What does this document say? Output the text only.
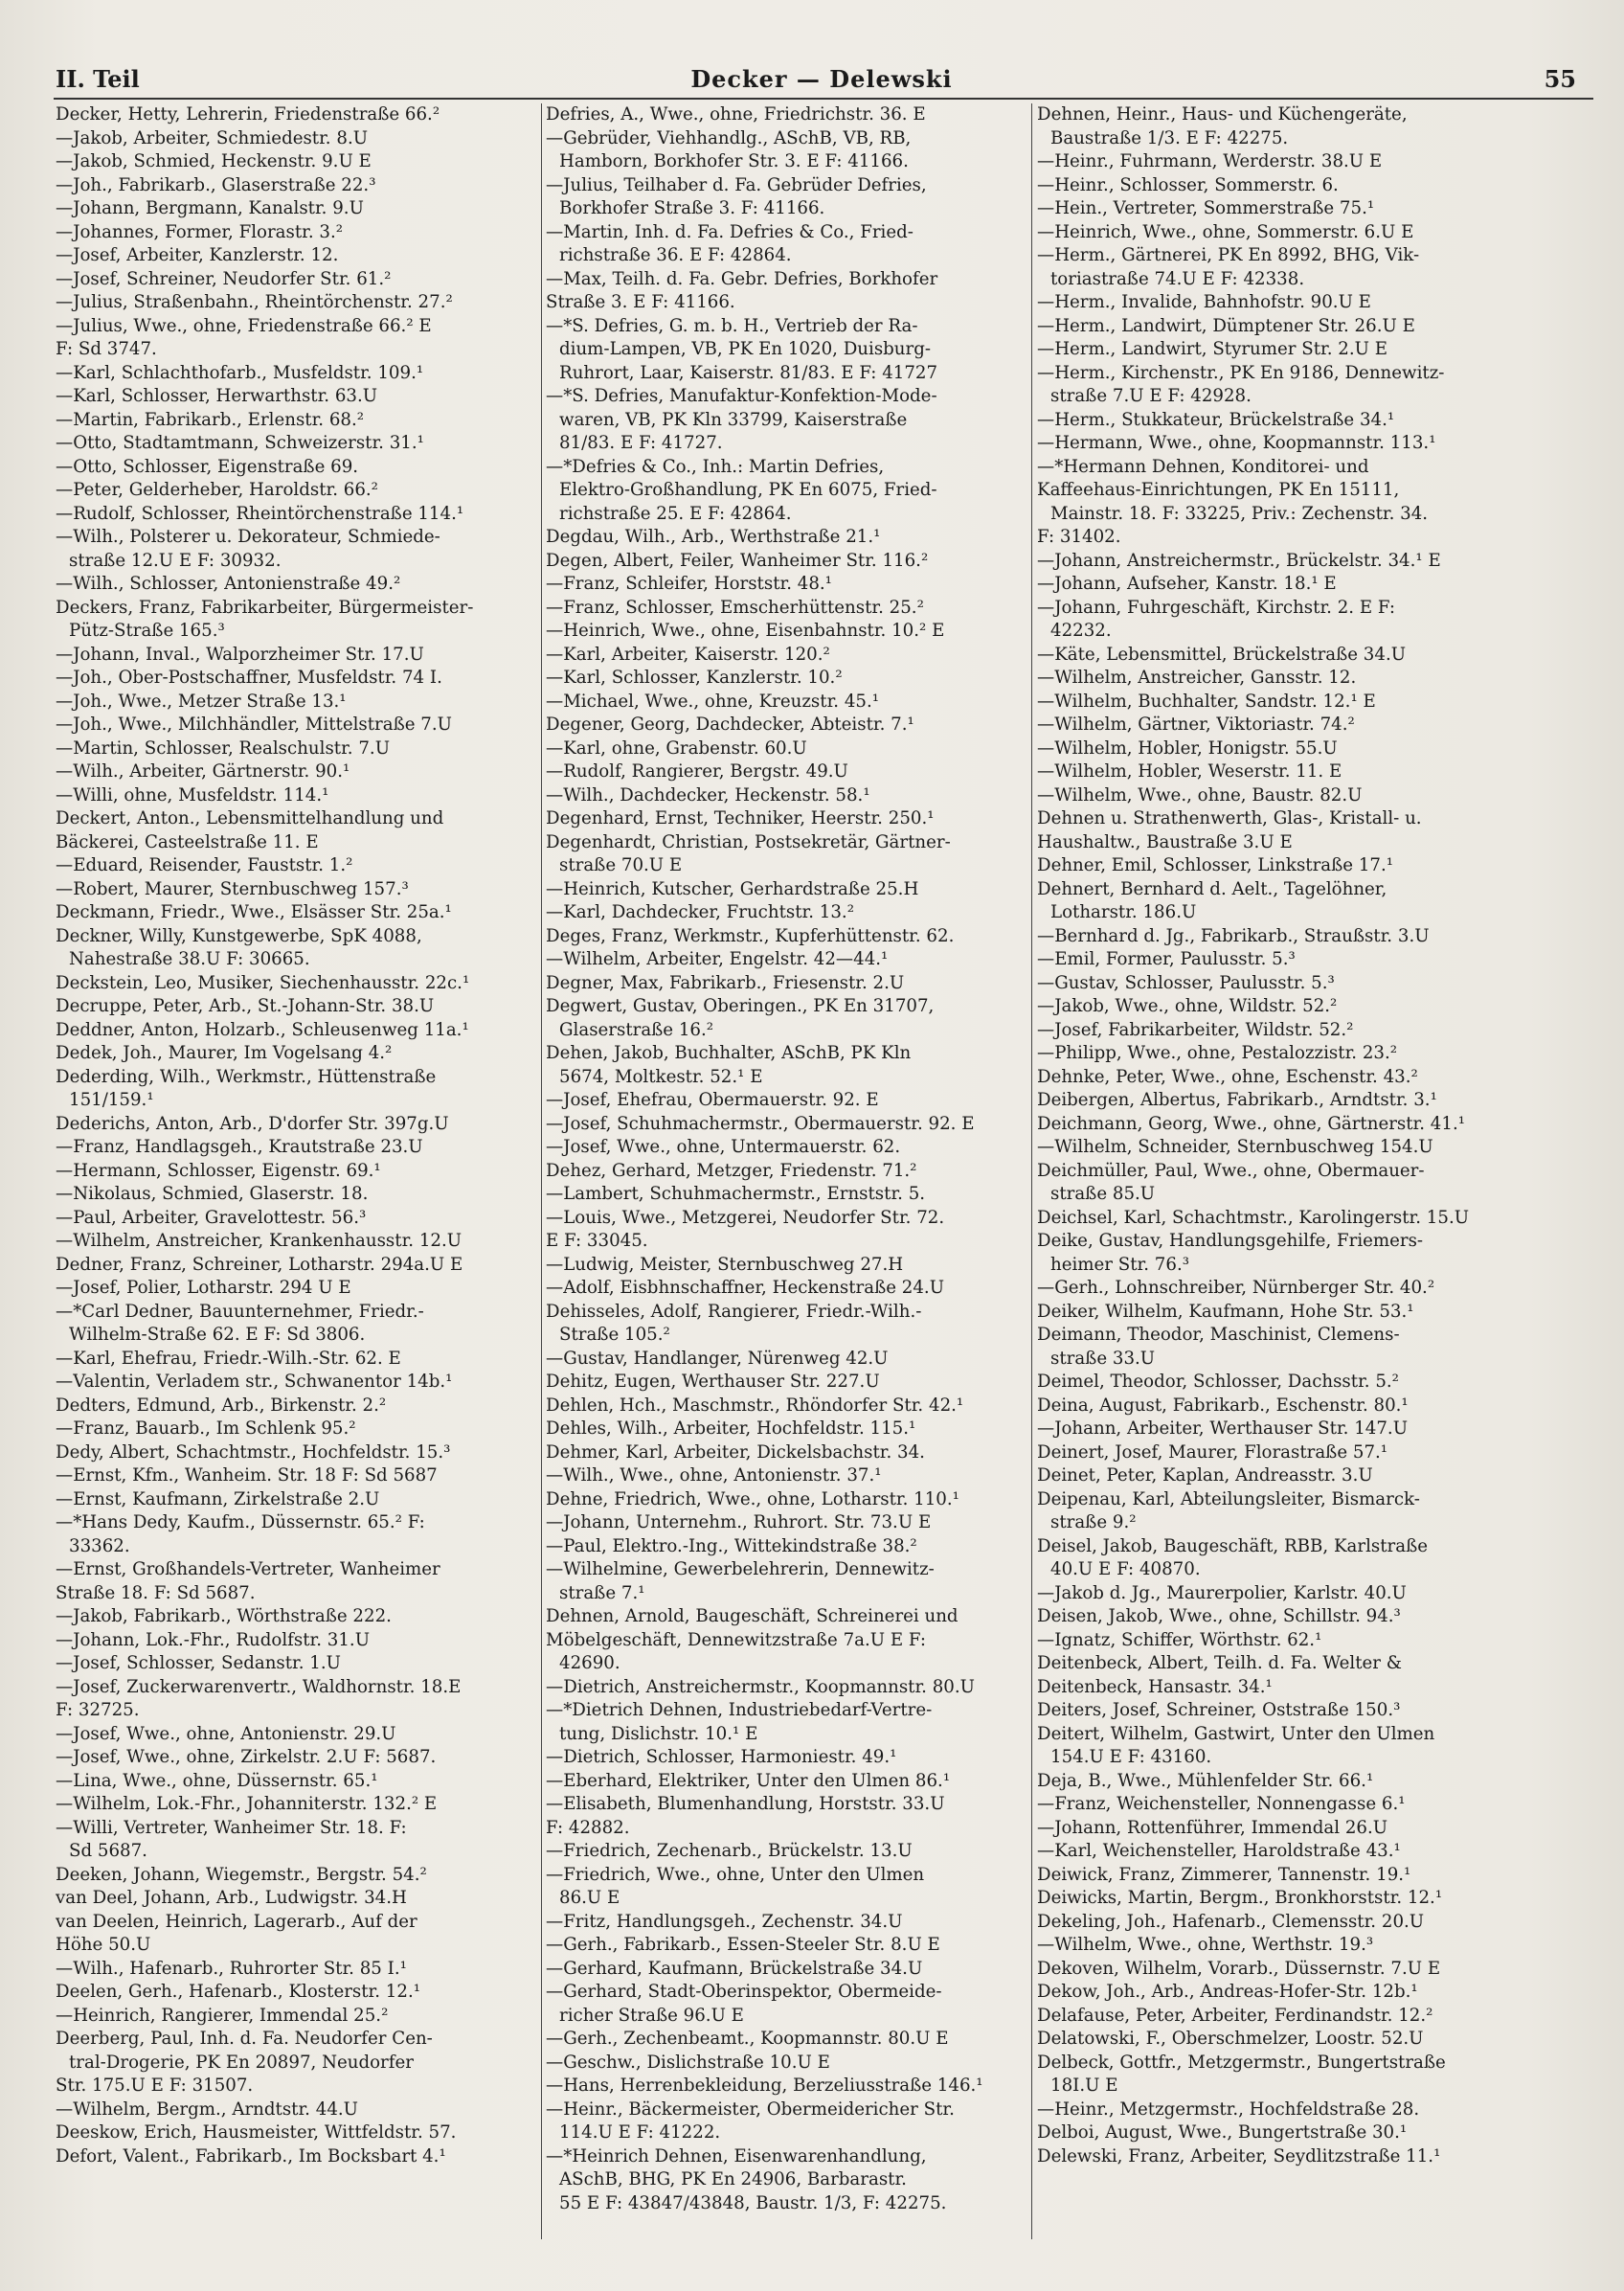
II. Teil	Decker — Delewski	55
Decker, Hetty, Lehrerin, Friedenstraße 66.²
—Jakob, Arbeiter, Schmiedestr. 8.U
—Jakob, Schmied, Heckenstr. 9.U E
—Joh., Fabrikarb., Glaserstraße 22.³
—Johann, Bergmann, Kanalstr. 9.U
—Johannes, Former, Florastr. 3.²
—Josef, Arbeiter, Kanzlerstr. 12.
—Josef, Schreiner, Neudorfer Str. 61.²
—Julius, Straßenbahn., Rheintörchenstr. 27.²
—Julius, Wwe., ohne, Friedenstraße 66.² E
F: Sd 3747.
—Karl, Schlachthofarb., Musfeldstr. 109.¹
—Karl, Schlosser, Herwarthstr. 63.U
—Martin, Fabrikarb., Erlenstr. 68.²
—Otto, Stadtamtmann, Schweizerstr. 31.¹
—Otto, Schlosser, Eigenstraße 69.
—Peter, Gelderheber, Haroldstr. 66.²
—Rudolf, Schlosser, Rheintörchenstraße 114.¹
—Wilh., Polsterer u. Dekorateur, Schmiede-
straße 12.U E F: 30932.
—Wilh., Schlosser, Antonienstraße 49.²
Deckers, Franz, Fabrikarbeiter, Bürgermeister-
Pütz-Straße 165.³
—Johann, Inval., Walporzheimer Str. 17.U
—Joh., Ober-Postschaffner, Musfeldstr. 74 I.
—Joh., Wwe., Metzer Straße 13.¹
—Joh., Wwe., Milchhändler, Mittelstraße 7.U
—Martin, Schlosser, Realschulstr. 7.U
—Wilh., Arbeiter, Gärtnerstr. 90.¹
—Willi, ohne, Musfeldstr. 114.¹
Deckert, Anton., Lebensmittelhandlung und
Bäckerei, Casteelstraße 11. E
—Eduard, Reisender, Fauststr. 1.²
—Robert, Maurer, Sternbuschweg 157.³
Deckmann, Friedr., Wwe., Elsässer Str. 25a.¹
Deckner, Willy, Kunstgewerbe, SpK 4088,
Nahestraße 38.U F: 30665.
Deckstein, Leo, Musiker, Siechenhausstr. 22c.¹
Decruppe, Peter, Arb., St.-Johann-Str. 38.U
Deddner, Anton, Holzarb., Schleusenweg 11a.¹
Dedek, Joh., Maurer, Im Vogelsang 4.²
Dederding, Wilh., Werkmstr., Hüttenstraße
151/159.¹
Dederichs, Anton, Arb., D'dorfer Str. 397g.U
—Franz, Handlagsgeh., Krautstraße 23.U
—Hermann, Schlosser, Eigenstr. 69.¹
—Nikolaus, Schmied, Glaserstr. 18.
—Paul, Arbeiter, Gravelottestr. 56.³
—Wilhelm, Anstreicher, Krankenhausstr. 12.U
Dedner, Franz, Schreiner, Lotharstr. 294a.U E
—Josef, Polier, Lotharstr. 294 U E
—*Carl Dedner, Bauunternehmer, Friedr.-
Wilhelm-Straße 62. E F: Sd 3806.
—Karl, Ehefrau, Friedr.-Wilh.-Str. 62. E
—Valentin, Verladem str., Schwanentor 14b.¹
Dedters, Edmund, Arb., Birkenstr. 2.²
—Franz, Bauarb., Im Schlenk 95.²
Dedy, Albert, Schachtmstr., Hochfeldstr. 15.³
—Ernst, Kfm., Wanheim. Str. 18 F: Sd 5687
—Ernst, Kaufmann, Zirkelstraße 2.U
—*Hans Dedy, Kaufm., Düssernstr. 65.² F:
33362.
—Ernst, Großhandels-Vertreter, Wanheimer
Straße 18. F: Sd 5687.
—Jakob, Fabrikarb., Wörthstraße 222.
—Johann, Lok.-Fhr., Rudolfstr. 31.U
—Josef, Schlosser, Sedanstr. 1.U
—Josef, Zuckerwarenvertr., Waldhornstr. 18.E
F: 32725.
—Josef, Wwe., ohne, Antonienstr. 29.U
—Josef, Wwe., ohne, Zirkelstr. 2.U F: 5687.
—Lina, Wwe., ohne, Düssernstr. 65.¹
—Wilhelm, Lok.-Fhr., Johanniterstr. 132.² E
—Willi, Vertreter, Wanheimer Str. 18. F:
Sd 5687.
Deeken, Johann, Wiegemstr., Bergstr. 54.²
van Deel, Johann, Arb., Ludwigstr. 34.H
van Deelen, Heinrich, Lagerarb., Auf der
Höhe 50.U
—Wilh., Hafenarb., Ruhrorter Str. 85 I.¹
Deelen, Gerh., Hafenarb., Klosterstr. 12.¹
—Heinrich, Rangierer, Immendal 25.²
Deerberg, Paul, Inh. d. Fa. Neudorfer Cen-
tral-Drogerie, PK En 20897, Neudorfer
Str. 175.U E F: 31507.
—Wilhelm, Bergm., Arndtstr. 44.U
Deeskow, Erich, Hausmeister, Wittfeldstr. 57.
Defort, Valent., Fabrikarb., Im Bocksbart 4.¹
Defries, A., Wwe., ohne, Friedrichstr. 36. E
—Gebrüder, Viehhandlg., ASchB, VB, RB,
Hamborn, Borkhofer Str. 3. E F: 41166.
—Julius, Teilhaber d. Fa. Gebrüder Defries,
Borkhofer Straße 3. F: 41166.
—Martin, Inh. d. Fa. Defries & Co., Fried-
richstraße 36. E F: 42864.
—Max, Teilh. d. Fa. Gebr. Defries, Borkhofer
Straße 3. E F: 41166.
—*S. Defries, G. m. b. H., Vertrieb der Ra-
dium-Lampen, VB, PK En 1020, Duisburg-
Ruhrort, Laar, Kaiserstr. 81/83. E F: 41727
—*S. Defries, Manufaktur-Konfektion-Mode-
waren, VB, PK Kln 33799, Kaiserstraße
81/83. E F: 41727.
—*Defries & Co., Inh.: Martin Defries,
Elektro-Großhandlung, PK En 6075, Fried-
richstraße 25. E F: 42864.
Degdau, Wilh., Arb., Werthstraße 21.¹
Degen, Albert, Feiler, Wanheimer Str. 116.²
—Franz, Schleifer, Horststr. 48.¹
—Franz, Schlosser, Emscherhüttenstr. 25.²
—Heinrich, Wwe., ohne, Eisenbahnstr. 10.² E
—Karl, Arbeiter, Kaiserstr. 120.²
—Karl, Schlosser, Kanzlerstr. 10.²
—Michael, Wwe., ohne, Kreuzstr. 45.¹
Degener, Georg, Dachdecker, Abteistr. 7.¹
—Karl, ohne, Grabenstr. 60.U
—Rudolf, Rangierer, Bergstr. 49.U
—Wilh., Dachdecker, Heckenstr. 58.¹
Degenhard, Ernst, Techniker, Heerstr. 250.¹
Degenhardt, Christian, Postsekretär, Gärtner-
straße 70.U E
—Heinrich, Kutscher, Gerhardstraße 25.H
—Karl, Dachdecker, Fruchtstr. 13.²
Deges, Franz, Werkmstr., Kupferhüttenstr. 62.
—Wilhelm, Arbeiter, Engelstr. 42—44.¹
Degner, Max, Fabrikarb., Friesenstr. 2.U
Degwert, Gustav, Oberingen., PK En 31707,
Glaserstraße 16.²
Dehen, Jakob, Buchhalter, ASchB, PK Kln
5674, Moltkestr. 52.¹ E
—Josef, Ehefrau, Obermauerstr. 92. E
—Josef, Schuhmachermstr., Obermauerstr. 92. E
—Josef, Wwe., ohne, Untermauerstr. 62.
Dehez, Gerhard, Metzger, Friedenstr. 71.²
—Lambert, Schuhmachermstr., Ernststr. 5.
—Louis, Wwe., Metzgerei, Neudorfer Str. 72.
E F: 33045.
—Ludwig, Meister, Sternbuschweg 27.H
—Adolf, Eisbhnschaffner, Heckenstraße 24.U
Dehisseles, Adolf, Rangierer, Friedr.-Wilh.-
Straße 105.²
—Gustav, Handlanger, Nürenweg 42.U
Dehitz, Eugen, Werthauser Str. 227.U
Dehlen, Hch., Maschmstr., Rhöndorfer Str. 42.¹
Dehles, Wilh., Arbeiter, Hochfeldstr. 115.¹
Dehmer, Karl, Arbeiter, Dickelsbachstr. 34.
—Wilh., Wwe., ohne, Antonienstr. 37.¹
Dehne, Friedrich, Wwe., ohne, Lotharstr. 110.¹
—Johann, Unternehm., Ruhrort. Str. 73.U E
—Paul, Elektro.-Ing., Wittekindstraße 38.²
—Wilhelmine, Gewerbelehrerin, Dennewitz-
straße 7.¹
Dehnen, Arnold, Baugeschäft, Schreinerei und
Möbelgeschäft, Dennewitzstraße 7a.U E F:
42690.
—Dietrich, Anstreichermstr., Koopmannstr. 80.U
—*Dietrich Dehnen, Industriebedarf-Vertre-
tung, Dislichstr. 10.¹ E
—Dietrich, Schlosser, Harmoniestr. 49.¹
—Eberhard, Elektriker, Unter den Ulmen 86.¹
—Elisabeth, Blumenhandlung, Horststr. 33.U
F: 42882.
—Friedrich, Zechenarb., Brückelstr. 13.U
—Friedrich, Wwe., ohne, Unter den Ulmen
86.U E
—Fritz, Handlungsgeh., Zechenstr. 34.U
—Gerh., Fabrikarb., Essen-Steeler Str. 8.U E
—Gerhard, Kaufmann, Brückelstraße 34.U
—Gerhard, Stadt-Oberinspektor, Obermeide-
richer Straße 96.U E
—Gerh., Zechenbeamt., Koopmannstr. 80.U E
—Geschw., Dislichstraße 10.U E
—Hans, Herrenbekleidung, Berzeliusstraße 146.¹
—Heinr., Bäckermeister, Obermeidericher Str.
114.U E F: 41222.
—*Heinrich Dehnen, Eisenwarenhandlung,
ASchB, BHG, PK En 24906, Barbarastr.
55 E F: 43847/43848, Baustr. 1/3, F: 42275.
Dehnen, Heinr., Haus- und Küchengeräte,
Baustraße 1/3. E F: 42275.
—Heinr., Fuhrmann, Werderstr. 38.U E
—Heinr., Schlosser, Sommerstr. 6.
—Hein., Vertreter, Sommerstraße 75.¹
—Heinrich, Wwe., ohne, Sommerstr. 6.U E
—Herm., Gärtnerei, PK En 8992, BHG, Vik-
toriastraße 74.U E F: 42338.
—Herm., Invalide, Bahnhofstr. 90.U E
—Herm., Landwirt, Dümptener Str. 26.U E
—Herm., Landwirt, Styrumer Str. 2.U E
—Herm., Kirchenstr., PK En 9186, Dennewitz-
straße 7.U E F: 42928.
—Herm., Stukkateur, Brückelstraße 34.¹
—Hermann, Wwe., ohne, Koopmannstr. 113.¹
—*Hermann Dehnen, Konditorei- und
Kaffeehaus-Einrichtungen, PK En 15111,
Mainstr. 18. F: 33225, Priv.: Zechenstr. 34.
F: 31402.
—Johann, Anstreichermstr., Brückelstr. 34.¹ E
—Johann, Aufseher, Kanstr. 18.¹ E
—Johann, Fuhrgeschäft, Kirchstr. 2. E F:
42232.
—Käte, Lebensmittel, Brückelstraße 34.U
—Wilhelm, Anstreicher, Gansstr. 12.
—Wilhelm, Buchhalter, Sandstr. 12.¹ E
—Wilhelm, Gärtner, Viktoriastr. 74.²
—Wilhelm, Hobler, Honigstr. 55.U
—Wilhelm, Hobler, Weserstr. 11. E
—Wilhelm, Wwe., ohne, Baustr. 82.U
Dehnen u. Strathenwerth, Glas-, Kristall- u.
Haushaltw., Baustraße 3.U E
Dehner, Emil, Schlosser, Linkstraße 17.¹
Dehnert, Bernhard d. Aelt., Tagelöhner,
Lotharstr. 186.U
—Bernhard d. Jg., Fabrikarb., Straußstr. 3.U
—Emil, Former, Paulusstr. 5.³
—Gustav, Schlosser, Paulusstr. 5.³
—Jakob, Wwe., ohne, Wildstr. 52.²
—Josef, Fabrikarbeiter, Wildstr. 52.²
—Philipp, Wwe., ohne, Pestalozzistr. 23.²
Dehnke, Peter, Wwe., ohne, Eschenstr. 43.²
Deibergen, Albertus, Fabrikarb., Arndtstr. 3.¹
Deichmann, Georg, Wwe., ohne, Gärtnerstr. 41.¹
—Wilhelm, Schneider, Sternbuschweg 154.U
Deichmüller, Paul, Wwe., ohne, Obermauer-
straße 85.U
Deichsel, Karl, Schachtmstr., Karolingerstr. 15.U
Deike, Gustav, Handlungsgehilfe, Friemers-
heimer Str. 76.³
—Gerh., Lohnschreiber, Nürnberger Str. 40.²
Deiker, Wilhelm, Kaufmann, Hohe Str. 53.¹
Deimann, Theodor, Maschinist, Clemens-
straße 33.U
Deimel, Theodor, Schlosser, Dachsstr. 5.²
Deina, August, Fabrikarb., Eschenstr. 80.¹
—Johann, Arbeiter, Werthauser Str. 147.U
Deinert, Josef, Maurer, Florastraße 57.¹
Deinet, Peter, Kaplan, Andreasstr. 3.U
Deipenau, Karl, Abteilungsleiter, Bismarck-
straße 9.²
Deisel, Jakob, Baugeschäft, RBB, Karlstraße
40.U E F: 40870.
—Jakob d. Jg., Maurerpolier, Karlstr. 40.U
Deisen, Jakob, Wwe., ohne, Schillstr. 94.³
—Ignatz, Schiffer, Wörthstr. 62.¹
Deitenbeck, Albert, Teilh. d. Fa. Welter &
Deitenbeck, Hansastr. 34.¹
Deiters, Josef, Schreiner, Oststraße 150.³
Deitert, Wilhelm, Gastwirt, Unter den Ulmen
154.U E F: 43160.
Deja, B., Wwe., Mühlenfelder Str. 66.¹
—Franz, Weichensteller, Nonnengasse 6.¹
—Johann, Rottenführer, Immendal 26.U
—Karl, Weichensteller, Haroldstraße 43.¹
Deiwick, Franz, Zimmerer, Tannenstr. 19.¹
Deiwicks, Martin, Bergm., Bronkhorststr. 12.¹
Dekeling, Joh., Hafenarb., Clemensstr. 20.U
—Wilhelm, Wwe., ohne, Werthstr. 19.³
Dekoven, Wilhelm, Vorarb., Düssernstr. 7.U E
Dekow, Joh., Arb., Andreas-Hofer-Str. 12b.¹
Delafause, Peter, Arbeiter, Ferdinandstr. 12.²
Delatowski, F., Oberschmelzer, Loostr. 52.U
Delbeck, Gottfr., Metzgermstr., Bungertstraße
18I.U E
—Heinr., Metzgermstr., Hochfeldstraße 28.
Delboi, August, Wwe., Bungertstraße 30.¹
Delewski, Franz, Arbeiter, Seydlitzstraße 11.¹
